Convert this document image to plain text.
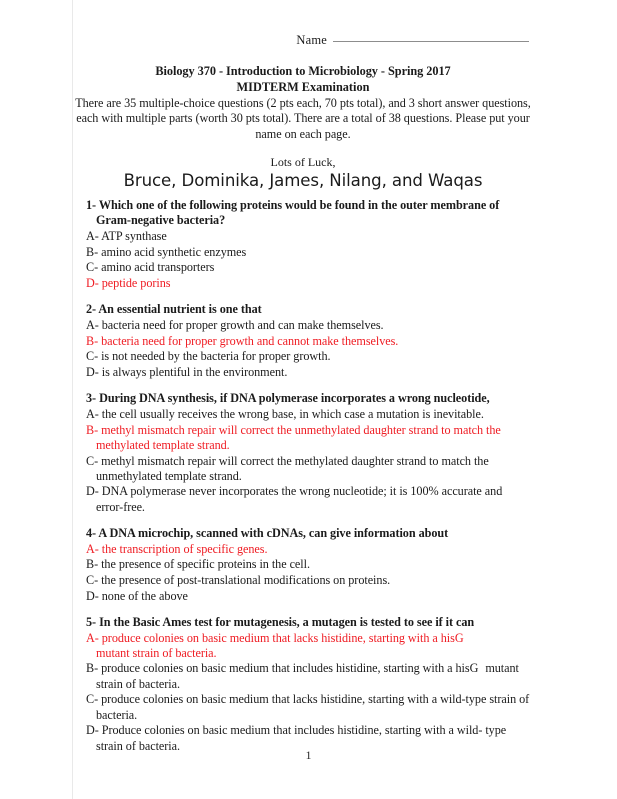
Name
Biology 370 - Introduction to Microbiology - Spring 2017
MIDTERM Examination
There are 35 multiple-choice questions (2 pts each, 70 pts total), and 3 short answer questions, each with multiple parts (worth 30 pts total). There are a total of 38 questions. Please put your name on each page.
Lots of Luck,
Bruce, Dominika, James, Nilang, and Waqas
1- Which one of the following proteins would be found in the outer membrane of
Gram-negative bacteria?
A- ATP synthase
B- amino acid synthetic enzymes
C- amino acid transporters
D- peptide porins
2- An essential nutrient is one that
A- bacteria need for proper growth and can make themselves.
B- bacteria need for proper growth and cannot make themselves.
C- is not needed by the bacteria for proper growth.
D- is always plentiful in the environment.
3- During DNA synthesis, if DNA polymerase incorporates a wrong nucleotide,
A- the cell usually receives the wrong base, in which case a mutation is inevitable.
B- methyl mismatch repair will correct the unmethylated daughter strand to match the methylated template strand.
C- methyl mismatch repair will correct the methylated daughter strand to match the unmethylated template strand.
D- DNA polymerase never incorporates the wrong nucleotide; it is 100% accurate and error-free.
4- A DNA microchip, scanned with cDNAs, can give information about
A- the transcription of specific genes.
B- the presence of specific proteins in the cell.
C- the presence of post-translational modifications on proteins.
D- none of the above
5- In the Basic Ames test for mutagenesis, a mutagen is tested to see if it can
A- produce colonies on basic medium that lacks histidine, starting with a hisGmutant strain of bacteria.
B- produce colonies on basic medium that includes histidine, starting with a hisG mutant strain of bacteria.
C- produce colonies on basic medium that lacks histidine, starting with a wild-type strain of bacteria.
D- Produce colonies on basic medium that includes histidine, starting with a wild- type strain of bacteria.
1
